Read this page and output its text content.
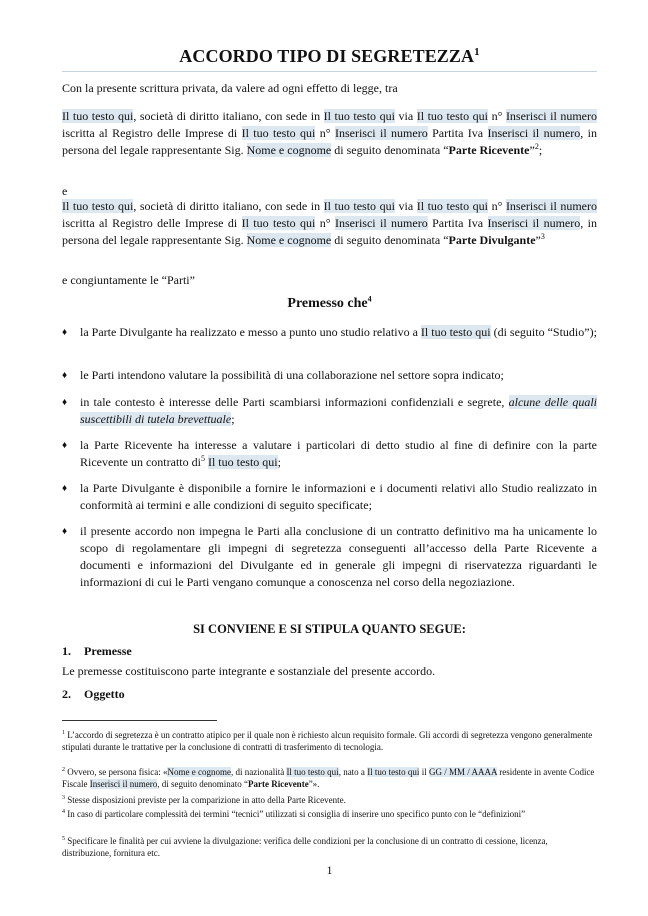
ACCORDO TIPO DI SEGRETEZZA$^1$
Con la presente scrittura privata, da valere ad ogni effetto di legge, tra
Il tuo testo qui, società di diritto italiano, con sede in Il tuo testo qui via Il tuo testo qui n° Inserisci il numero iscritta al Registro delle Imprese di Il tuo testo qui n° Inserisci il numero Partita Iva Inserisci il numero, in persona del legale rappresentante Sig. Nome e cognome di seguito denominata “Parte Ricevente”$^2$;
e
Il tuo testo qui, società di diritto italiano, con sede in Il tuo testo qui via Il tuo testo qui n° Inserisci il numero iscritta al Registro delle Imprese di Il tuo testo qui n° Inserisci il numero Partita Iva Inserisci il numero, in persona del legale rappresentante Sig. Nome e cognome di seguito denominata “Parte Divulgante”$^3$
e congiuntamente le “Parti”
Premesso che$^4$
♦ la Parte Divulgante ha realizzato e messo a punto uno studio relativo a Il tuo testo qui (di seguito “Studio”);
♦ le Parti intendono valutare la possibilità di una collaborazione nel settore sopra indicato;
♦ in tale contesto è interesse delle Parti scambiarsi informazioni confidenziali e segrete, alcune delle quali suscettibili di tutela brevettuale;
♦ la Parte Ricevente ha interesse a valutare i particolari di detto studio al fine di definire con la parte Ricevente un contratto $di^5$ Il tuo testo qui;
♦ la Parte Divulgante è disponibile a fornire le informazioni e i documenti relativi allo Studio realizzato in conformità ai termini e alle condizioni di seguito specificate;
♦ il presente accordo non impegna le Parti alla conclusione di un contratto definitivo ma ha unicamente lo scopo di regolamentare gli impegni di segretezza conseguenti all’accesso della Parte Ricevente a documenti e informazioni del Divulgante ed in generale gli impegni di riservatezza riguardanti le informazioni di cui le Parti vengano comunque a conoscenza nel corso della negoziazione.
SI CONVIENE E SI STIPULA QUANTO SEGUE:
1. Premesse
Le premesse costituiscono parte integrante e sostanziale del presente accordo.
2. Oggetto
$^1$ L’accordo di segretezza è un contratto atipico per il quale non è richiesto alcun requisito formale. Gli accordi di segretezza vengono generalmente stipulati durante le trattative per la conclusione di contratti di trasferimento di tecnologia.
$^2$ Ovvero, se persona fisica: «Nome e cognome, di nazionalità Il tuo testo qui, nato a Il tuo testo qui il GG / MM / AAAA residente in avente Codice Fiscale Inserisci il numero, di seguito denominato “Parte Ricevente”».
$^3$ Stesse disposizioni previste per la comparizione in atto della Parte Ricevente.
$^4$ In caso di particolare complessità dei termini “tecnici” utilizzati si consiglia di inserire uno specifico punto con le “definizioni”
$^5$ Specificare le finalità per cui avviene la divulgazione: verifica delle condizioni per la conclusione di un contratto di cessione, licenza, distribuzione, fornitura etc.
1
